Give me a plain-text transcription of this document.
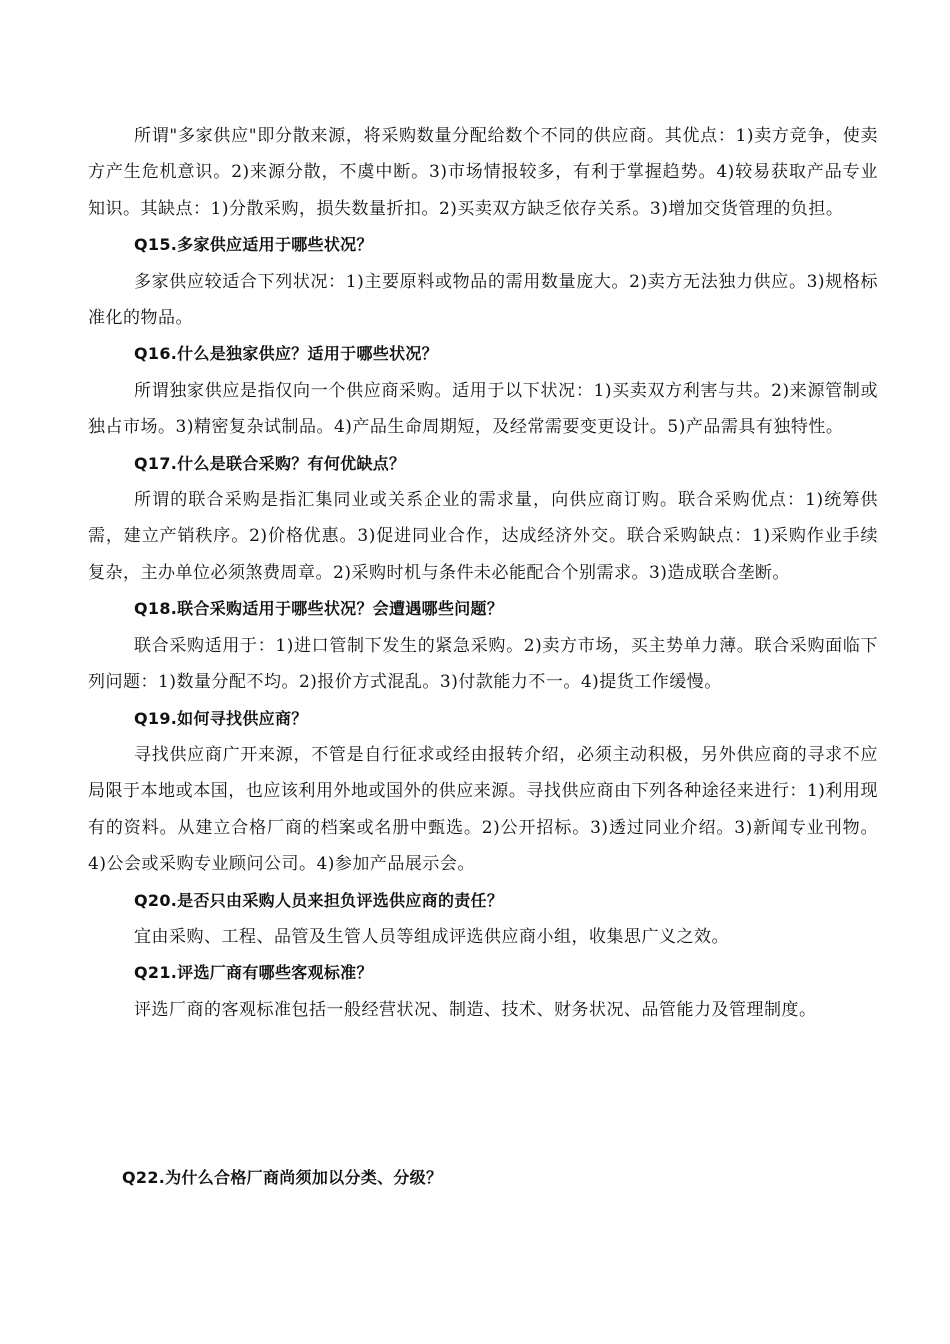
所谓"多家供应"即分散来源，将采购数量分配给数个不同的供应商。其优点：1)卖方竞争，使卖方产生危机意识。2)来源分散，不虞中断。3)市场情报较多，有利于掌握趋势。4)较易获取产品专业知识。其缺点：1)分散采购，损失数量折扣。2)买卖双方缺乏依存关系。3)增加交货管理的负担。

Q15.多家供应适用于哪些状况？

多家供应较适合下列状况：1)主要原料或物品的需用数量庞大。2)卖方无法独力供应。3)规格标准化的物品。

Q16.什么是独家供应？适用于哪些状况？

所谓独家供应是指仅向一个供应商采购。适用于以下状况：1)买卖双方利害与共。2)来源管制或独占市场。3)精密复杂试制品。4)产品生命周期短，及经常需要变更设计。5)产品需具有独特性。

Q17.什么是联合采购？有何优缺点？

所谓的联合采购是指汇集同业或关系企业的需求量，向供应商订购。联合采购优点：1)统筹供需，建立产销秩序。2)价格优惠。3)促进同业合作，达成经济外交。联合采购缺点：1)采购作业手续复杂，主办单位必须煞费周章。2)采购时机与条件未必能配合个别需求。3)造成联合垄断。

Q18.联合采购适用于哪些状况？会遭遇哪些问题？

联合采购适用于：1)进口管制下发生的紧急采购。2)卖方市场，买主势单力薄。联合采购面临下列问题：1)数量分配不均。2)报价方式混乱。3)付款能力不一。4)提货工作缓慢。

Q19.如何寻找供应商？

寻找供应商广开来源，不管是自行征求或经由报转介绍，必须主动积极，另外供应商的寻求不应局限于本地或本国，也应该利用外地或国外的供应来源。寻找供应商由下列各种途径来进行：1)利用现有的资料。从建立合格厂商的档案或名册中甄选。2)公开招标。3)透过同业介绍。3)新闻专业刊物。4)公会或采购专业顾问公司。4)参加产品展示会。

Q20.是否只由采购人员来担负评选供应商的责任？

宜由采购、工程、品管及生管人员等组成评选供应商小组，收集思广义之效。

Q21.评选厂商有哪些客观标准？

评选厂商的客观标准包括一般经营状况、制造、技术、财务状况、品管能力及管理制度。

Q22.为什么合格厂商尚须加以分类、分级？
